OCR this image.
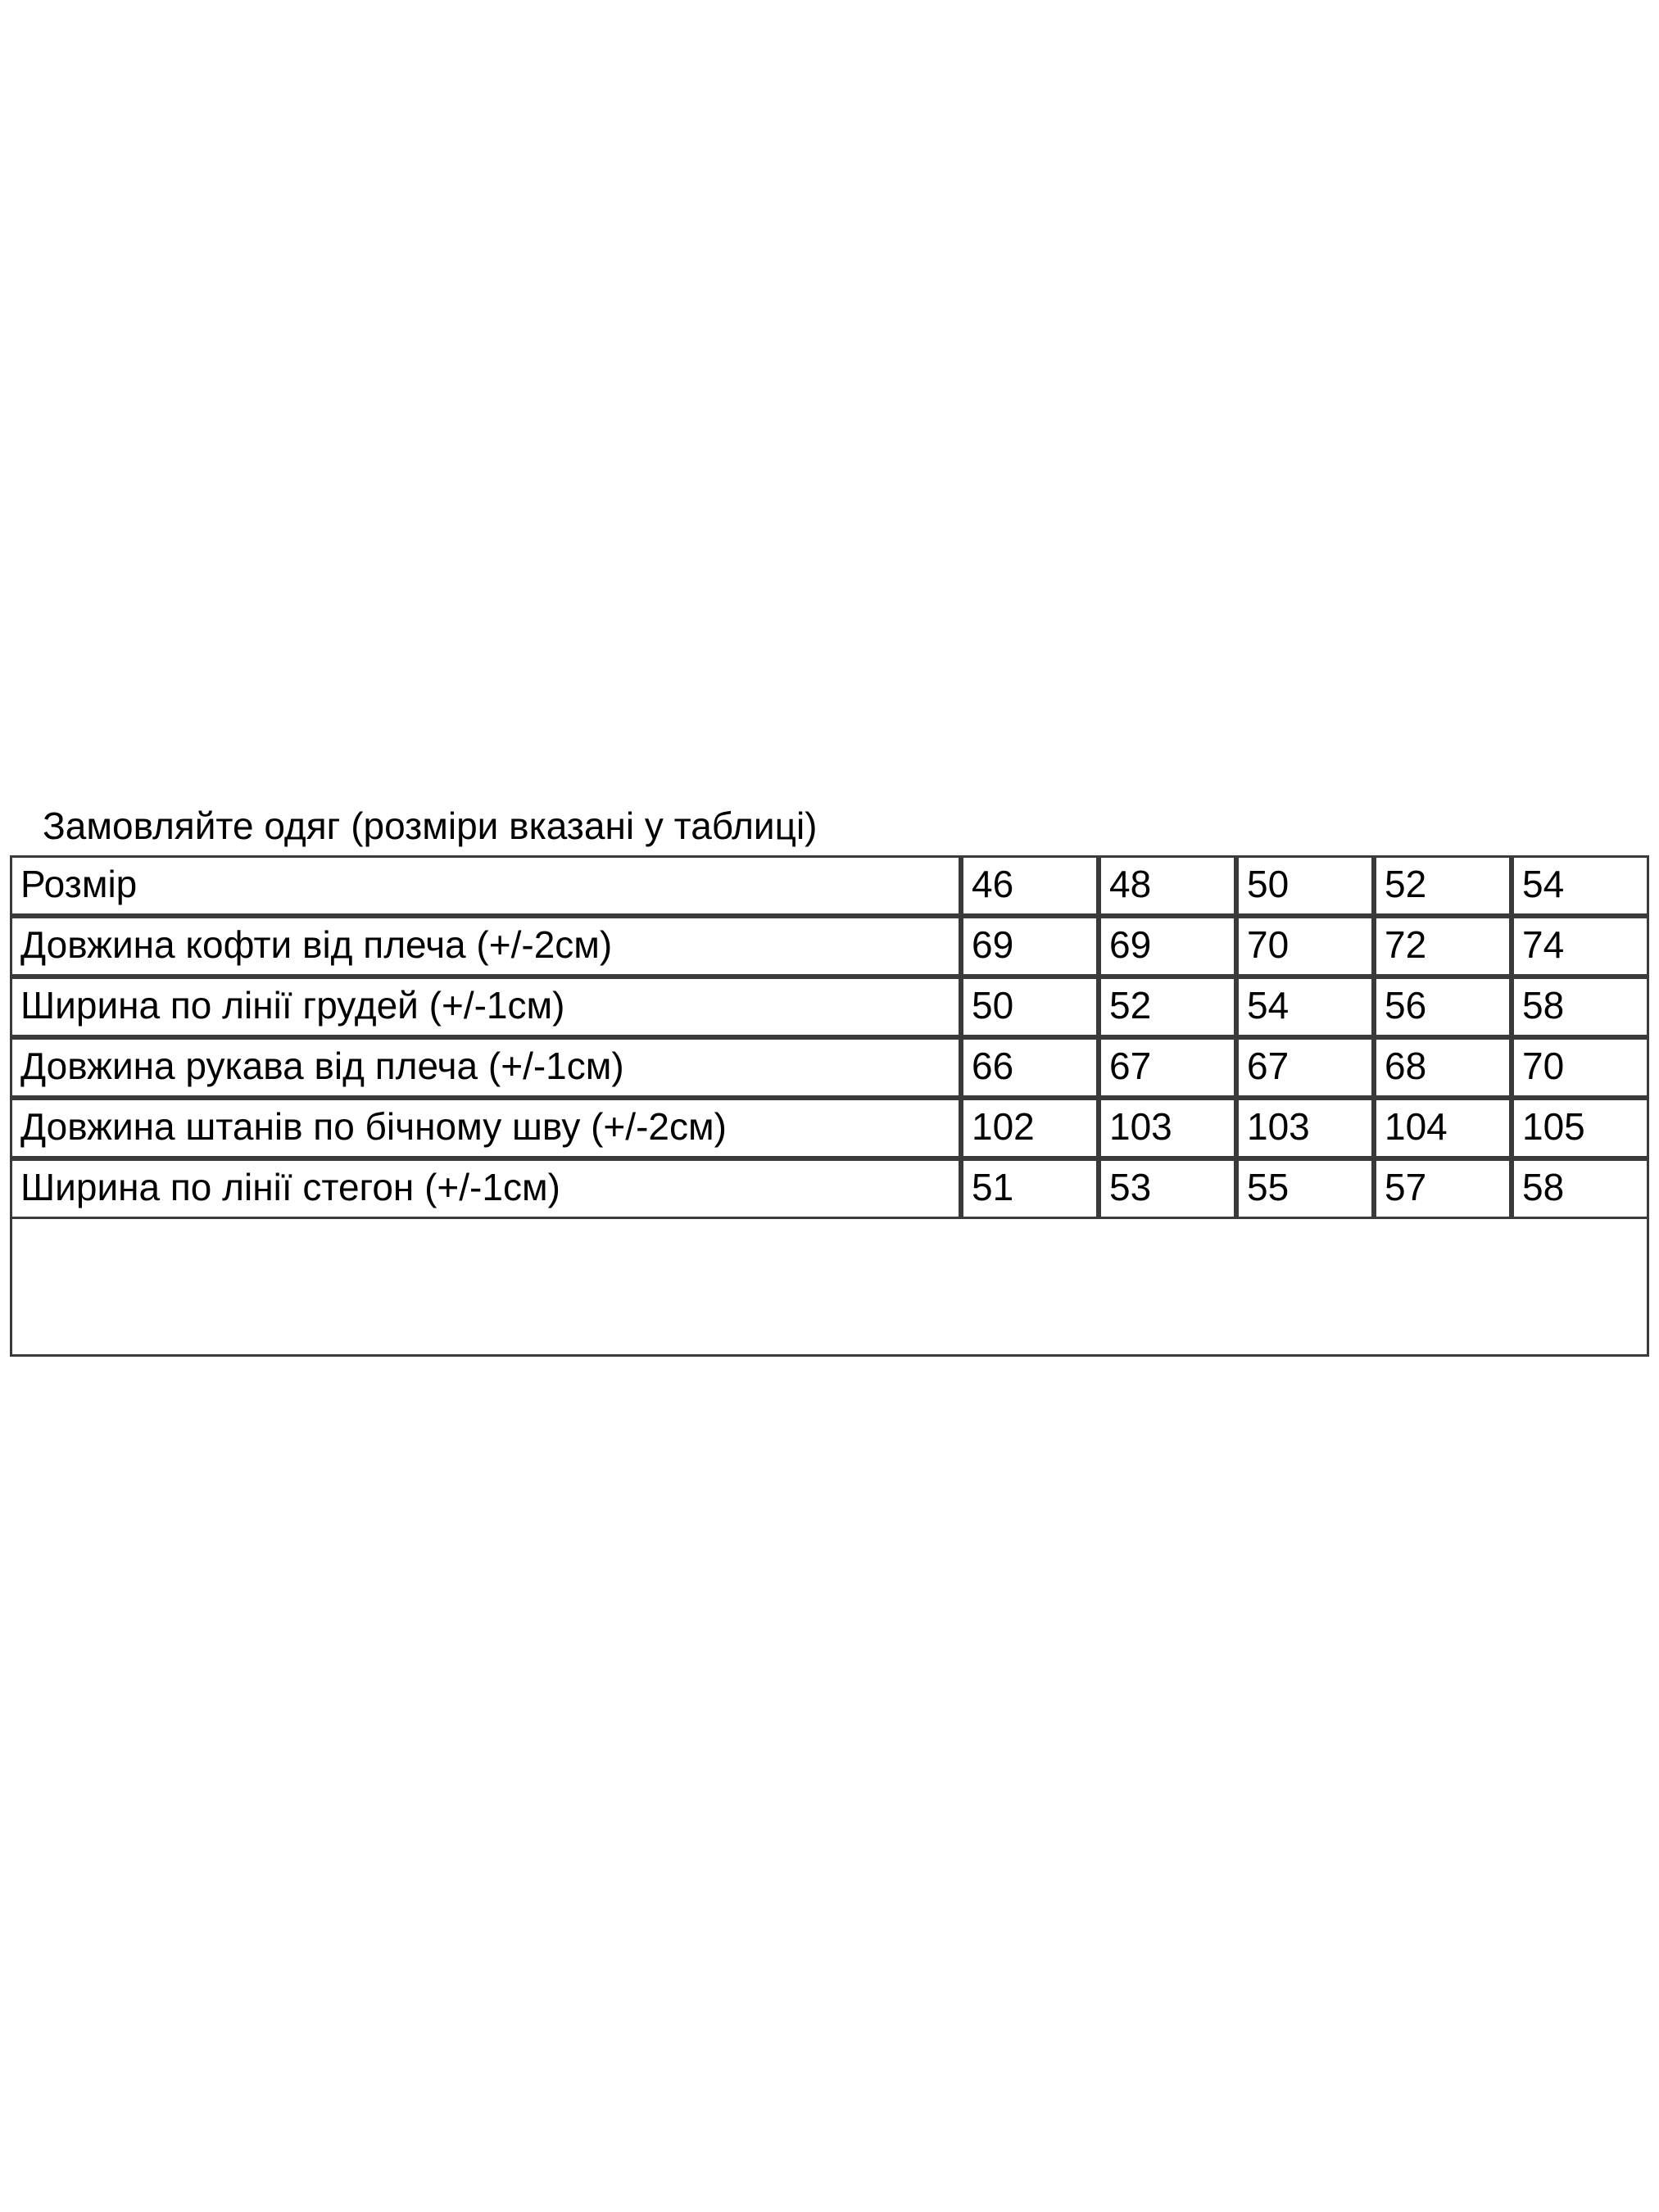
Замовляйте одяг (розміри вказані у таблиці)
Розмір	46	48	50	52	54
Довжина кофти від плеча (+/-2см)	69	69	70	72	74
Ширина по лінії грудей (+/-1см)	50	52	54	56	58
Довжина рукава від плеча (+/-1см)	66	67	67	68	70
Довжина штанів по бічному шву (+/-2см)	102	103	103	104	105
Ширина по лінії стегон (+/-1см)	51	53	55	57	58
